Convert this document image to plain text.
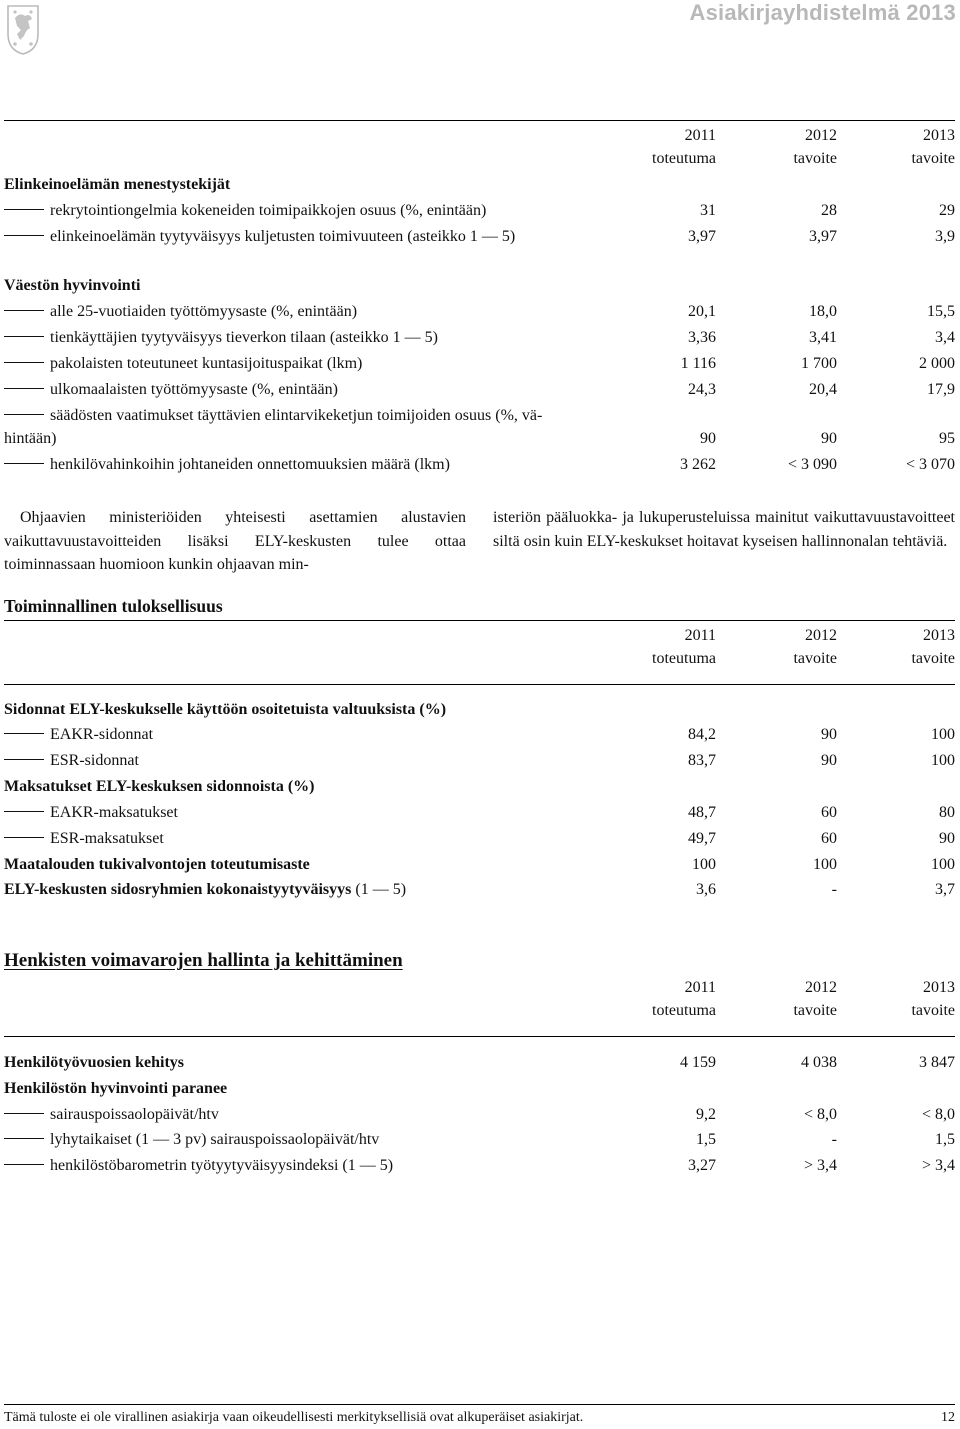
Asiakirjayhdistelmä 2013
2011	2012	2013
toteutuma	tavoite	tavoite
Elinkeinoelämän menestystekijät
rekrytointiongelmia kokeneiden toimipaikkojen osuus (%, enintään)	31	28	29
elinkeinoelämän tyytyväisyys kuljetusten toimivuuteen (asteikko 1 — 5)	3,97	3,97	3,9
Väestön hyvinvointi
alle 25-vuotiaiden työttömyysaste (%, enintään)	20,1	18,0	15,5
tienkäyttäjien tyytyväisyys tieverkon tilaan (asteikko 1 — 5)	3,36	3,41	3,4
pakolaisten toteutuneet kuntasijoituspaikat (lkm)	1 116	1 700	2 000
ulkomaalaisten työttömyysaste (%, enintään)	24,3	20,4	17,9
säädösten vaatimukset täyttävien elintarvikeketjun toimijoiden osuus (%, vä-
hintään)	90	90	95
henkilövahinkoihin johtaneiden onnettomuuksien määrä (lkm)	3 262	< 3 090	< 3 070
Ohjaavien ministeriöiden yhteisesti asettamien alustavien vaikuttavuustavoitteiden lisäksi ELY-keskusten tulee ottaa toiminnassaan huomioon kunkin ohjaavan min-
isteriön pääluokka- ja lukuperusteluissa mainitut vaikuttavuustavoitteet siltä osin kuin ELY-keskukset hoitavat kyseisen hallinnonalan tehtäviä.
Toiminnallinen tuloksellisuus
2011	2012	2013
toteutuma	tavoite	tavoite
Sidonnat ELY-keskukselle käyttöön osoitetuista valtuuksista (%)
EAKR-sidonnat	84,2	90	100
ESR-sidonnat	83,7	90	100
Maksatukset ELY-keskuksen sidonnoista (%)
EAKR-maksatukset	48,7	60	80
ESR-maksatukset	49,7	60	90
Maatalouden tukivalvontojen toteutumisaste	100	100	100
ELY-keskusten sidosryhmien kokonaistyytyväisyys (1 — 5)	3,6	-	3,7
Henkisten voimavarojen hallinta ja kehittäminen
2011	2012	2013
toteutuma	tavoite	tavoite
Henkilötyövuosien kehitys	4 159	4 038	3 847
Henkilöstön hyvinvointi paranee
sairauspoissaolopäivät/htv	9,2	< 8,0	< 8,0
lyhytaikaiset (1 — 3 pv) sairauspoissaolopäivät/htv	1,5	-	1,5
henkilöstöbarometrin työtyytyväisyysindeksi (1 — 5)	3,27	> 3,4	> 3,4
Tämä tuloste ei ole virallinen asiakirja vaan oikeudellisesti merkityksellisiä ovat alkuperäiset asiakirjat.	12
